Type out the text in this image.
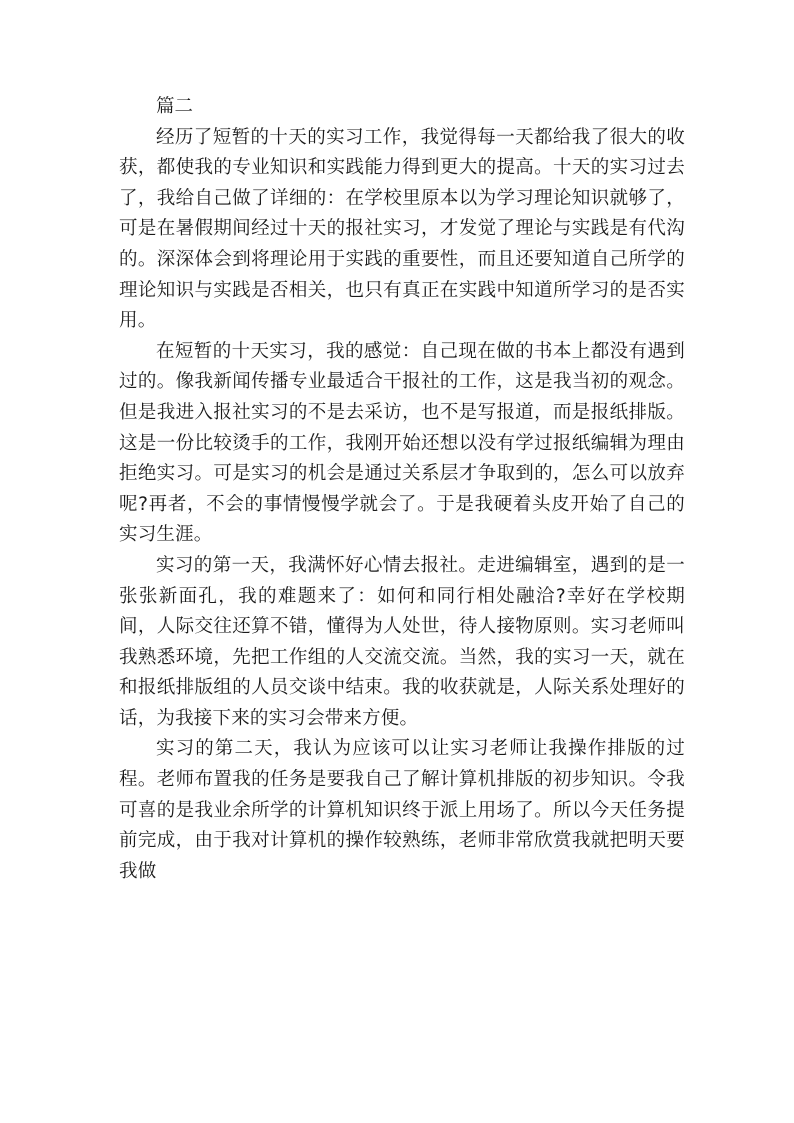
篇二

经历了短暂的十天的实习工作，我觉得每一天都给我了很大的收获，都使我的专业知识和实践能力得到更大的提高。十天的实习过去了，我给自己做了详细的：在学校里原本以为学习理论知识就够了，可是在暑假期间经过十天的报社实习，才发觉了理论与实践是有代沟的。深深体会到将理论用于实践的重要性，而且还要知道自己所学的理论知识与实践是否相关，也只有真正在实践中知道所学习的是否实用。

在短暂的十天实习，我的感觉：自己现在做的书本上都没有遇到过的。像我新闻传播专业最适合干报社的工作，这是我当初的观念。但是我进入报社实习的不是去采访，也不是写报道，而是报纸排版。这是一份比较烫手的工作，我刚开始还想以没有学过报纸编辑为理由拒绝实习。可是实习的机会是通过关系层才争取到的，怎么可以放弃呢?再者，不会的事情慢慢学就会了。于是我硬着头皮开始了自己的实习生涯。

实习的第一天，我满怀好心情去报社。走进编辑室，遇到的是一张张新面孔，我的难题来了：如何和同行相处融洽?幸好在学校期间，人际交往还算不错，懂得为人处世，待人接物原则。实习老师叫我熟悉环境，先把工作组的人交流交流。当然，我的实习一天，就在和报纸排版组的人员交谈中结束。我的收获就是，人际关系处理好的话，为我接下来的实习会带来方便。

实习的第二天，我认为应该可以让实习老师让我操作排版的过程。老师布置我的任务是要我自己了解计算机排版的初步知识。令我可喜的是我业余所学的计算机知识终于派上用场了。所以今天任务提前完成，由于我对计算机的操作较熟练，老师非常欣赏我就把明天要我做
